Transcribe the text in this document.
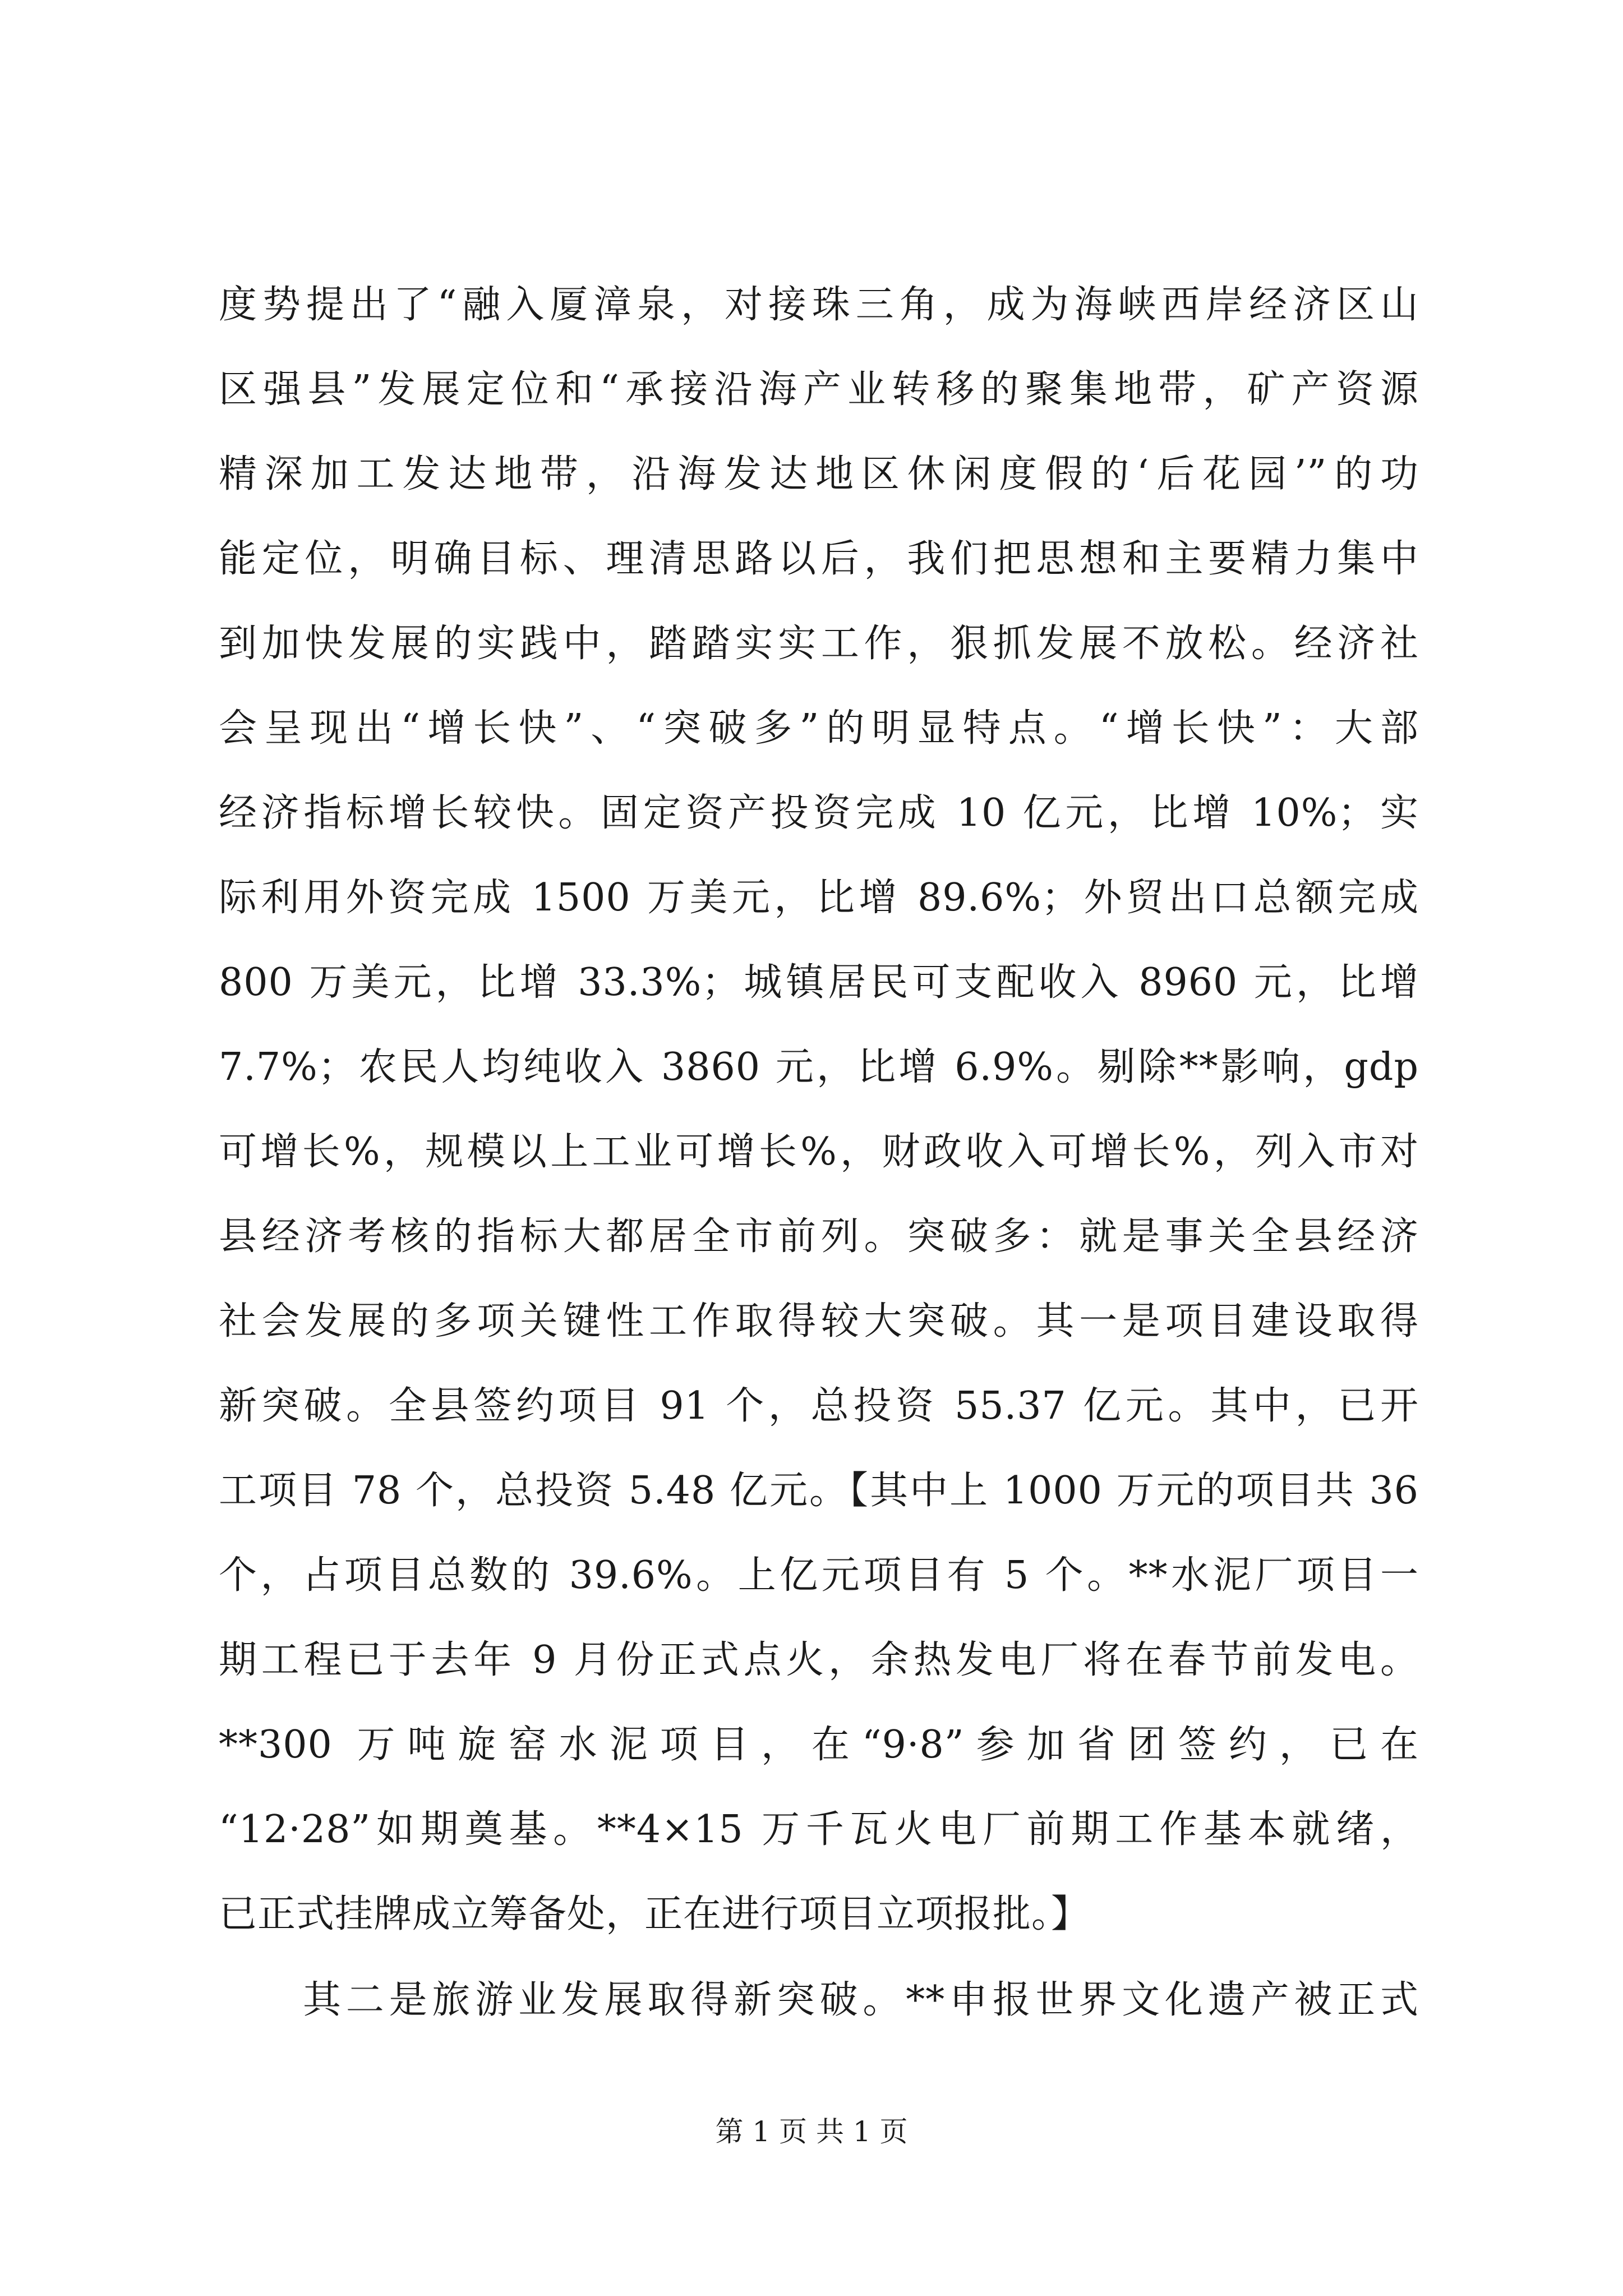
度势提出了“融入厦漳泉，对接珠三角，成为海峡西岸经济区山
区强县”发展定位和“承接沿海产业转移的聚集地带，矿产资源
精深加工发达地带，沿海发达地区休闲度假的‘后花园’”的功
能定位，明确目标、理清思路以后，我们把思想和主要精力集中
到加快发展的实践中，踏踏实实工作，狠抓发展不放松。经济社
会呈现出“增长快”、“突破多”的明显特点。“增长快”：大部
经济指标增长较快。固定资产投资完成 10 亿元，比增 10%；实
际利用外资完成 1500 万美元，比增 89.6%；外贸出口总额完成
800 万美元，比增 33.3%；城镇居民可支配收入 8960 元，比增
7.7%；农民人均纯收入 3860 元，比增 6.9%。剔除**影响，gdp
可增长%，规模以上工业可增长%，财政收入可增长%，列入市对
县经济考核的指标大都居全市前列。突破多：就是事关全县经济
社会发展的多项关键性工作取得较大突破。其一是项目建设取得
新突破。全县签约项目 91 个，总投资 55.37 亿元。其中，已开
工项目 78 个，总投资 5.48 亿元。【其中上 1000 万元的项目共 36
个，占项目总数的 39.6%。上亿元项目有 5 个。**水泥厂项目一
期工程已于去年 9 月份正式点火，余热发电厂将在春节前发电。
**300 万吨旋窑水泥项目，在“9·8”参加省团签约，已在
“12·28”如期奠基。**4×15 万千瓦火电厂前期工作基本就绪，
已正式挂牌成立筹备处，正在进行项目立项报批。】
其二是旅游业发展取得新突破。**申报世界文化遗产被正式
第 1 页 共 1 页
